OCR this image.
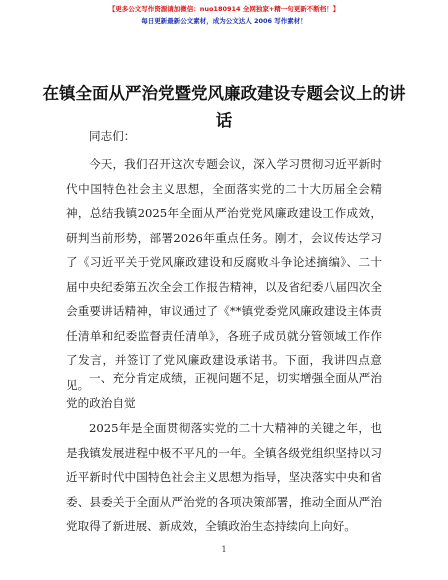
【更多公文写作资源请加微信：nuo180914 全网独家+精一句更新不断档！】
每日更新最新公文素材，成为公文达人 2006 写作素材！
在镇全面从严治党暨党风廉政建设专题会议上的讲话
同志们：
今天，我们召开这次专题会议，深入学习贯彻习近平新时代中国特色社会主义思想，全面落实党的二十大历届全会精神，总结我镇2025年全面从严治党党风廉政建设工作成效，研判当前形势，部署2026年重点任务。刚才，会议传达学习了《习近平关于党风廉政建设和反腐败斗争论述摘编》、二十届中央纪委第五次全会工作报告精神，以及省纪委八届四次全会重要讲话精神，审议通过了《**镇党委党风廉政建设主体责任清单和纪委监督责任清单》，各班子成员就分管领域工作作了发言，并签订了党风廉政建设承诺书。下面，我讲四点意见。 一、充分肯定成绩，正视问题不足，切实增强全面从严治党的政治自觉
2025年是全面贯彻落实党的二十大精神的关键之年，也是我镇发展进程中极不平凡的一年。全镇各级党组织坚持以习近平新时代中国特色社会主义思想为指导，坚决落实中央和省委、县委关于全面从严治党的各项决策部署，推动全面从严治党取得了新进展、新成效，全镇政治生态持续向上向好。
1
